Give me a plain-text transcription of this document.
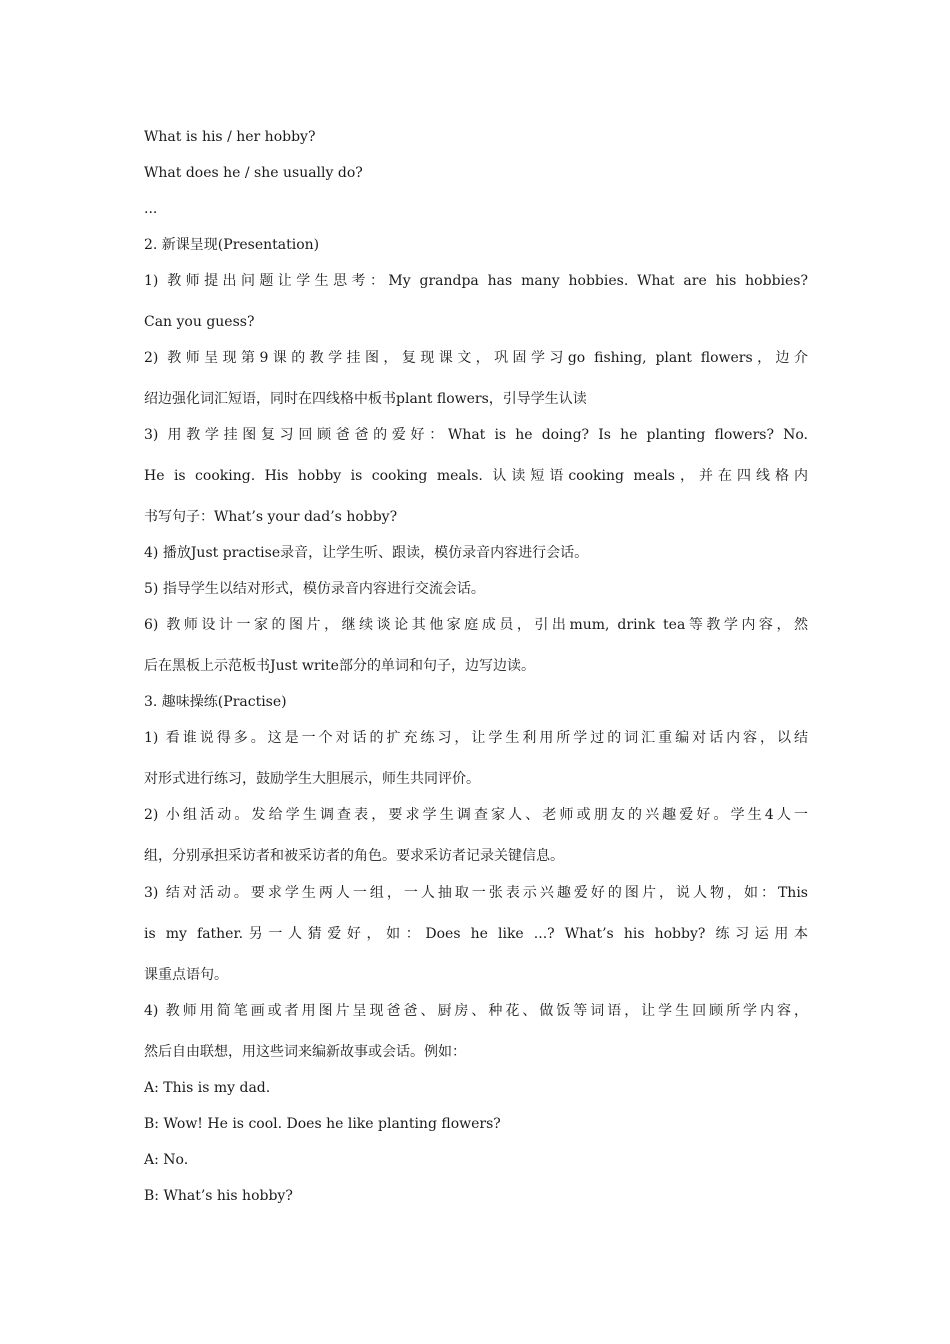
What is his / her hobby?
What does he / she usually do?
...
2. 新课呈现(Presentation)
1) 教师提出问题让学生思考：My grandpa has many hobbies. What are his hobbies?
Can you guess?
2) 教师呈现第9课的教学挂图，复现课文，巩固学习go fishing, plant flowers，边介
绍边强化词汇短语，同时在四线格中板书plant flowers，引导学生认读
3) 用教学挂图复习回顾爸爸的爱好：What is he doing? Is he planting flowers? No.
He is cooking. His hobby is cooking meals. 认读短语cooking meals，并在四线格内
书写句子：What’s your dad’s hobby?
4) 播放Just practise录音，让学生听、跟读，模仿录音内容进行会话。
5) 指导学生以结对形式，模仿录音内容进行交流会话。
6) 教师设计一家的图片，继续谈论其他家庭成员，引出mum, drink tea等教学内容，然
后在黑板上示范板书Just write部分的单词和句子，边写边读。
3. 趣味操练(Practise)
1) 看谁说得多。这是一个对话的扩充练习，让学生利用所学过的词汇重编对话内容，以结
对形式进行练习，鼓励学生大胆展示，师生共同评价。
2) 小组活动。发给学生调查表，要求学生调查家人、老师或朋友的兴趣爱好。学生4人一
组，分别承担采访者和被采访者的角色。要求采访者记录关键信息。
3) 结对活动。要求学生两人一组，一人抽取一张表示兴趣爱好的图片，说人物，如：This
is my father.另一人猜爱好，如：Does he like ...? What’s his hobby? 练习运用本
课重点语句。
4) 教师用简笔画或者用图片呈现爸爸、厨房、种花、做饭等词语，让学生回顾所学内容，
然后自由联想，用这些词来编新故事或会话。例如：
A: This is my dad.
B: Wow! He is cool. Does he like planting flowers?
A: No.
B: What’s his hobby?
